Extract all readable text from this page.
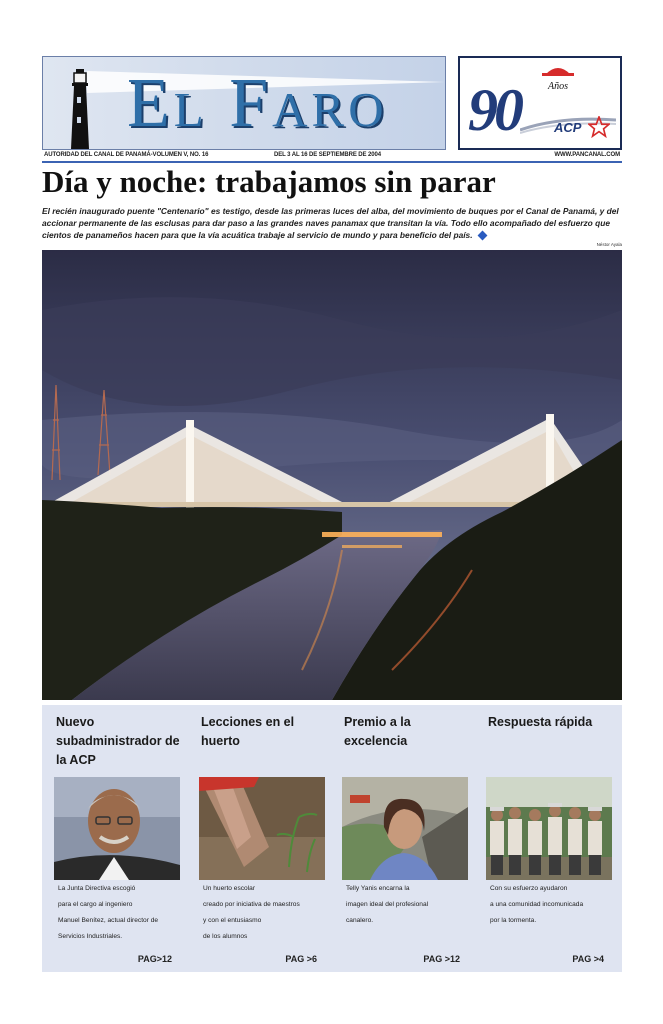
El Faro	Años
90	ACP
AUTORIDAD DEL CANAL DE PANAMÁ-VOLUMEN V, NO. 16	DEL 3 AL 16 DE SEPTIEMBRE DE 2004	WWW.PANCANAL.COM
Día y noche: trabajamos sin parar

El recién inaugurado puente "Centenario" es testigo, desde las primeras luces del alba, del movimiento de buques por el Canal de Panamá, y del accionar permanente de las esclusas para dar paso a las grandes naves panamax que transitan la vía. Todo ello acompañado del esfuerzo que cientos de panameños hacen para que la vía acuática trabaje al servicio de mundo y para beneficio del país.

Néstor Ayala
Nuevo subadministrador de la ACP
La Junta Directiva escogió
para el cargo al ingeniero
Manuel Benítez, actual director de
Servicios Industriales.
PAG>12
Lecciones en el huerto
Un huerto escolar
creado por iniciativa de maestros
y con el entusiasmo
de los alumnos
PAG >6
Premio a la excelencia
Telly Yanis encarna la
imagen ideal del profesional
canalero.
PAG >12
Respuesta rápida
Con su esfuerzo ayudaron
a una comunidad incomunicada
por la tormenta.
PAG >4
